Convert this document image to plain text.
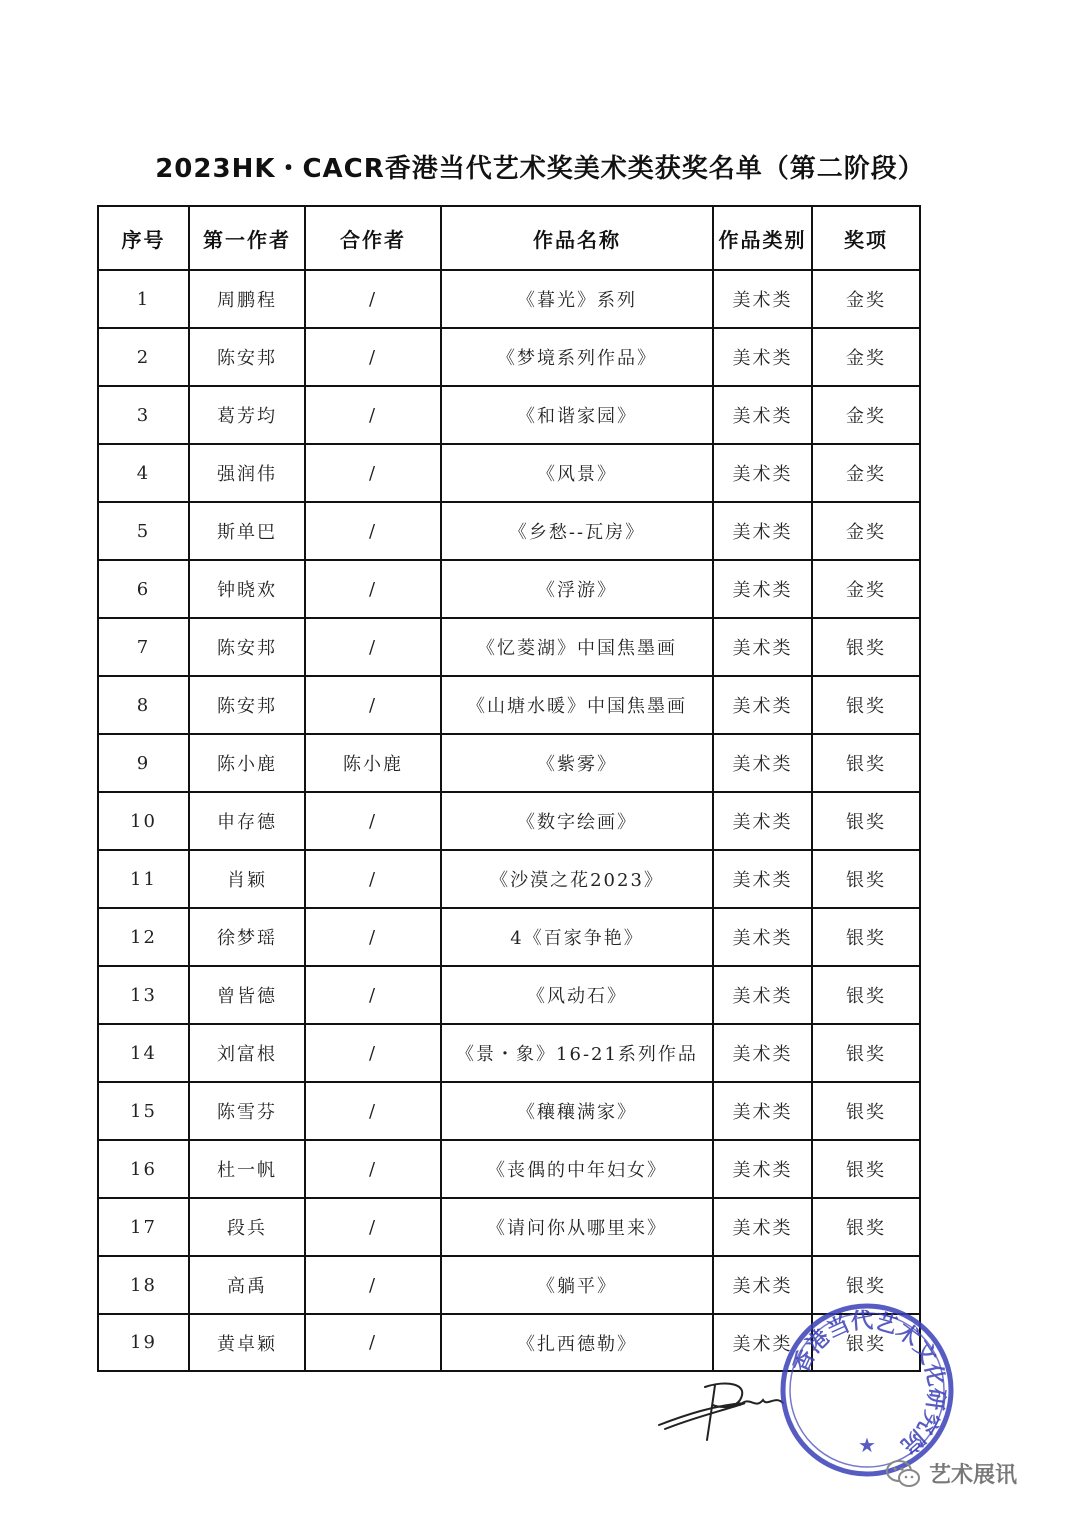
2023HK・CACR香港当代艺术奖美术类获奖名单（第二阶段）
序号	第一作者	合作者	作品名称	作品类别	奖项
1	周鹏程	/	《暮光》系列	美术类	金奖
2	陈安邦	/	《梦境系列作品》	美术类	金奖
3	葛芳均	/	《和谐家园》	美术类	金奖
4	强润伟	/	《风景》	美术类	金奖
5	斯单巴	/	《乡愁--瓦房》	美术类	金奖
6	钟晓欢	/	《浮游》	美术类	金奖
7	陈安邦	/	《忆菱湖》中国焦墨画	美术类	银奖
8	陈安邦	/	《山塘水暖》中国焦墨画	美术类	银奖
9	陈小鹿	陈小鹿	《紫雾》	美术类	银奖
10	申存德	/	《数字绘画》	美术类	银奖
11	肖颖	/	《沙漠之花2023》	美术类	银奖
12	徐梦瑶	/	4《百家争艳》	美术类	银奖
13	曾皆德	/	《风动石》	美术类	银奖
14	刘富根	/	《景・象》16-21系列作品	美术类	银奖
15	陈雪芬	/	《穰穰满家》	美术类	银奖
16	杜一帆	/	《丧偶的中年妇女》	美术类	银奖
17	段兵	/	《请问你从哪里来》	美术类	银奖
18	高禹	/	《躺平》	美术类	银奖
19	黄卓颖	/	《扎西德勒》	美术类	银奖
香港当代艺术文化研究院
★
艺术展讯
